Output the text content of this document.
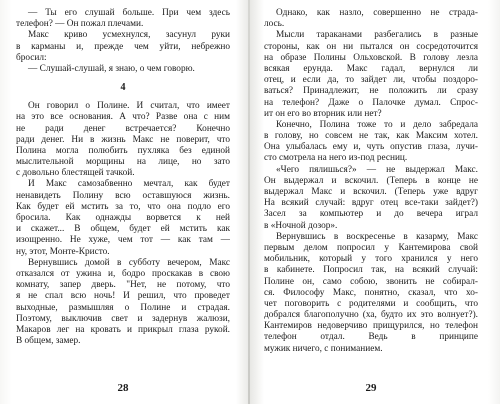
— Ты его слушай больше. При чем здесь
телефон? — Он пожал плечами.
Макс криво усмехнулся, засунул руки
в карманы и, прежде чем уйти, небрежно
бросил:
— Слушай-слушай, я знаю, о чем говорю.
4
Он говорил о Полине. И считал, что имеет
на это все основания. А что? Разве она с ним
не ради денег встречается? Конечно
ради денег. Ни в жизнь Макс не поверит, что
Полина могла полюбить пухляка без единой
мыслительной морщины на лице, но зато
с довольно блестящей тачкой.
И Макс самозабвенно мечтал, как будет
ненавидеть Полину всю оставшуюся жизнь.
Как будет ей мстить за то, что она подло его
бросила. Как однажды ворвется к ней
и скажет... В общем, будет ей мстить как
изощренно. Не хуже, чем тот — как там —
ну, этот, Монте-Кристо.
Вернувшись домой в субботу вечером, Макс
отказался от ужина и, бодро проскакав в свою
комнату, запер дверь. "Нет, не потому, что
я не спал всю ночь! И решил, что проведет
выходные, размышляя о Полине и страдая.
Поэтому, выключив свет и задернув жалюзи,
Макаров лег на кровать и прикрыл глаза рукой.
В общем, замер.
28
Однако, как назло, совершенно не страда-
лось.
Мысли тараканами разбегались в разные
стороны, как он ни пытался он сосредоточится
на образе Полины Ольховской. В голову лезла
всякая ерунда. Макс гадал, вернулся ли
отец, и если да, то зайдет ли, чтобы поздоро-
ваться? Принадлежит, не положить ли сразу
на телефон? Даже о Палочке думал. Спрос-
ит он его во вторник или нет?
Конечно, Полина тоже то и дело забредала
в голову, но совсем не так, как Максим хотел.
Она улыбалась ему и, чуть опустив глаза, лучи-
сто смотрела на него из-под ресниц.
«Чего пялишься?» — не выдержал Макс.
Он выдержал и вскочил. (Теперь в конце не
выдержал Макс и вскочил. (Теперь уже вдруг
На всякий случай: вдруг отец все-таки зайдет?)
Засел за компьютер и до вечера играл
в «Ночной дозор».
Вернувшись в воскресенье в казарму, Макс
первым делом попросил у Кантемирова свой
мобильник, который у того хранился у него
в кабинете. Попросил так, на всякий случай:
Полине он, само собою, звонить не собирал-
ся. Философу Макс, понятно, сказал, что хо-
чет поговорить с родителями и сообщить, что
добрался благополучно (ха, будто их это волнует?).
Кантемиров недоверчиво прищурился, но телефон
телефон отдал. Ведь в принципе
мужик ничего, с пониманием.
29
